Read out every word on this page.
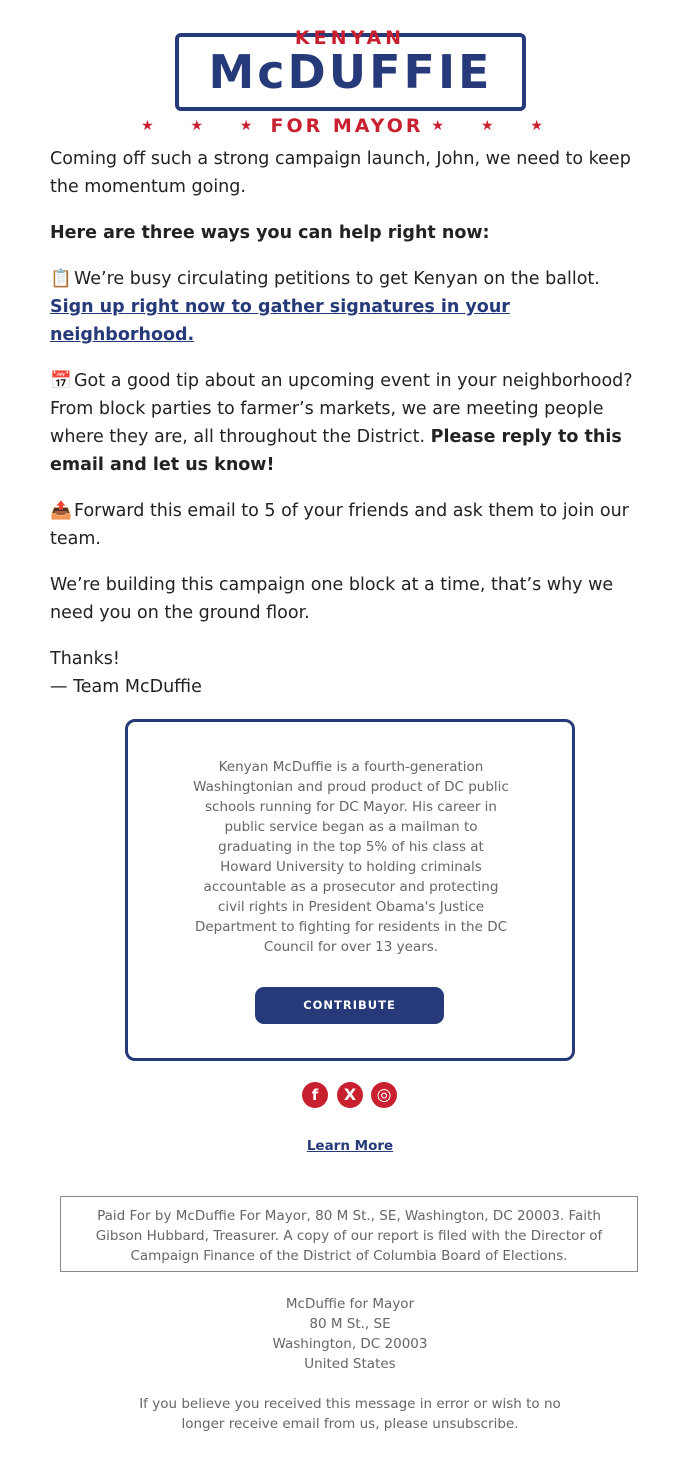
KENYAN
McDUFFIE
★ ★ ★ FOR MAYOR ★ ★ ★

Coming off such a strong campaign launch, John, we need to keep the momentum going.

Here are three ways you can help right now:

📋 We’re busy circulating petitions to get Kenyan on the ballot.
Sign up right now to gather signatures in your neighborhood.

📅 Got a good tip about an upcoming event in your neighborhood? From block parties to farmer’s markets, we are meeting people where they are, all throughout the District. Please reply to this email and let us know!

📤 Forward this email to 5 of your friends and ask them to join our team.

We’re building this campaign one block at a time, that’s why we need you on the ground floor.

Thanks!
— Team McDuffie

Kenyan McDuffie is a fourth-generation Washingtonian and proud product of DC public schools running for DC Mayor. His career in public service began as a mailman to graduating in the top 5% of his class at Howard University to holding criminals accountable as a prosecutor and protecting civil rights in President Obama's Justice Department to fighting for residents in the DC Council for over 13 years.
CONTRIBUTE
f	X	◎
Learn More
Paid For by McDuffie For Mayor, 80 M St., SE, Washington, DC 20003. Faith Gibson Hubbard, Treasurer. A copy of our report is filed with the Director of Campaign Finance of the District of Columbia Board of Elections.
McDuffie for Mayor
80 M St., SE
Washington, DC 20003
United States
If you believe you received this message in error or wish to no longer receive email from us, please unsubscribe.
